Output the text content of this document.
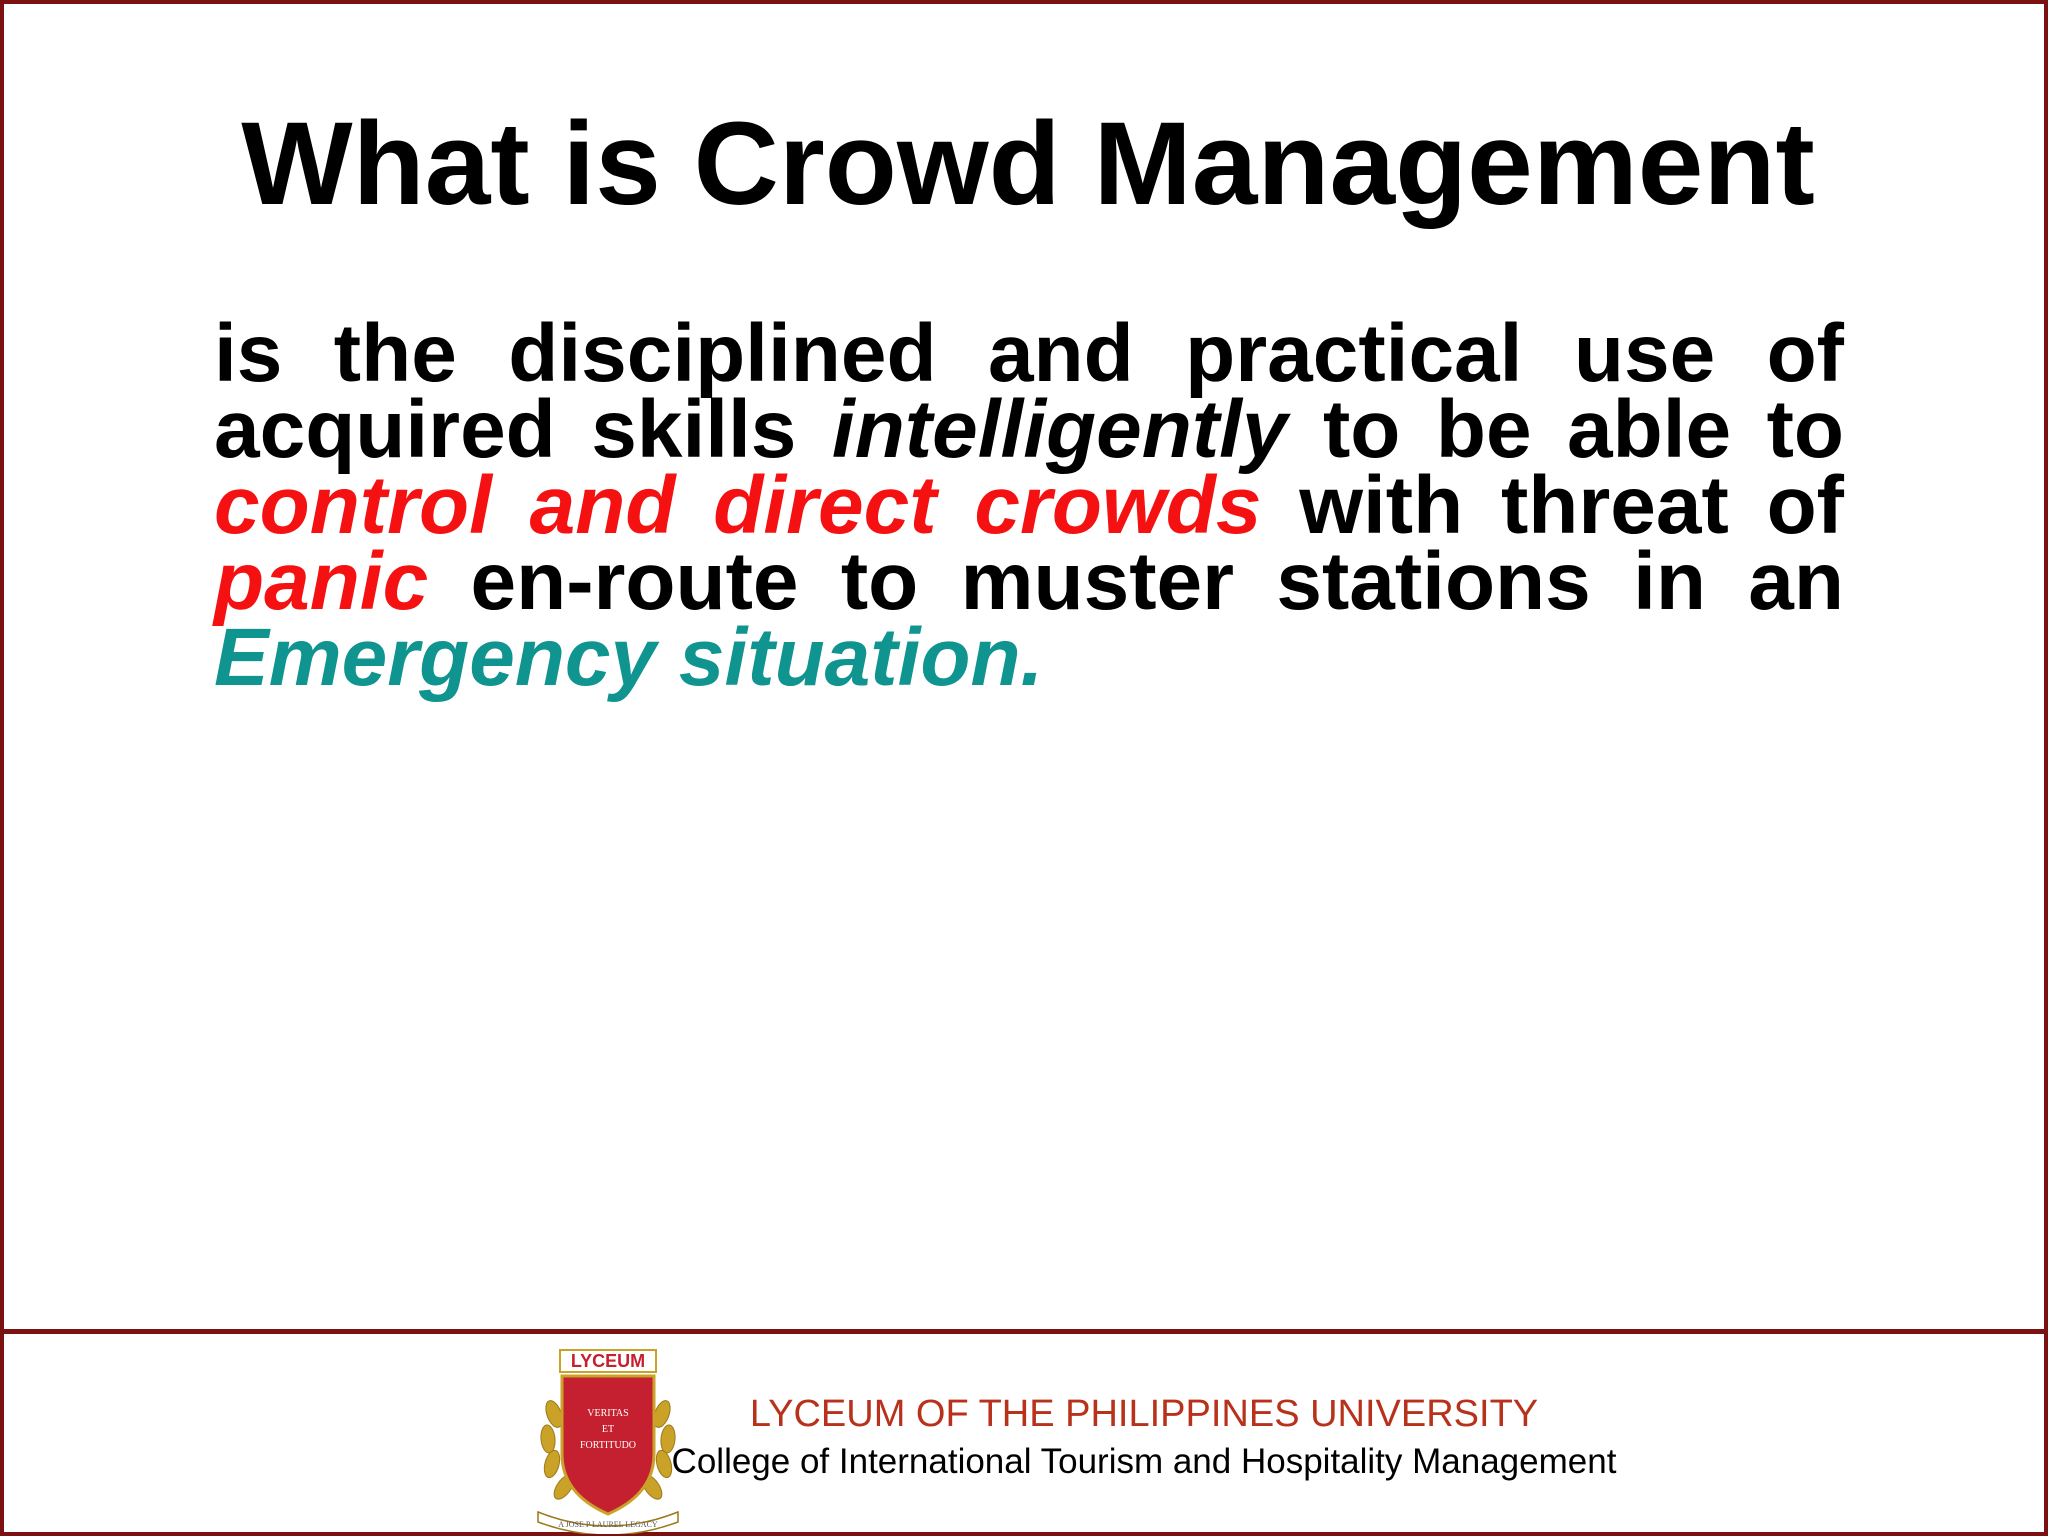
What is Crowd Management

is the disciplined and practical use of acquired skills intelligently to be able to control and direct crowds with threat of panic en-route to muster stations in an Emergency situation.

LYCEUM
VERITAS
ET
FORTITUDO
A JOSE P LAUREL LEGACY
LYCEUM OF THE PHILIPPINES UNIVERSITY
College of International Tourism and Hospitality Management
